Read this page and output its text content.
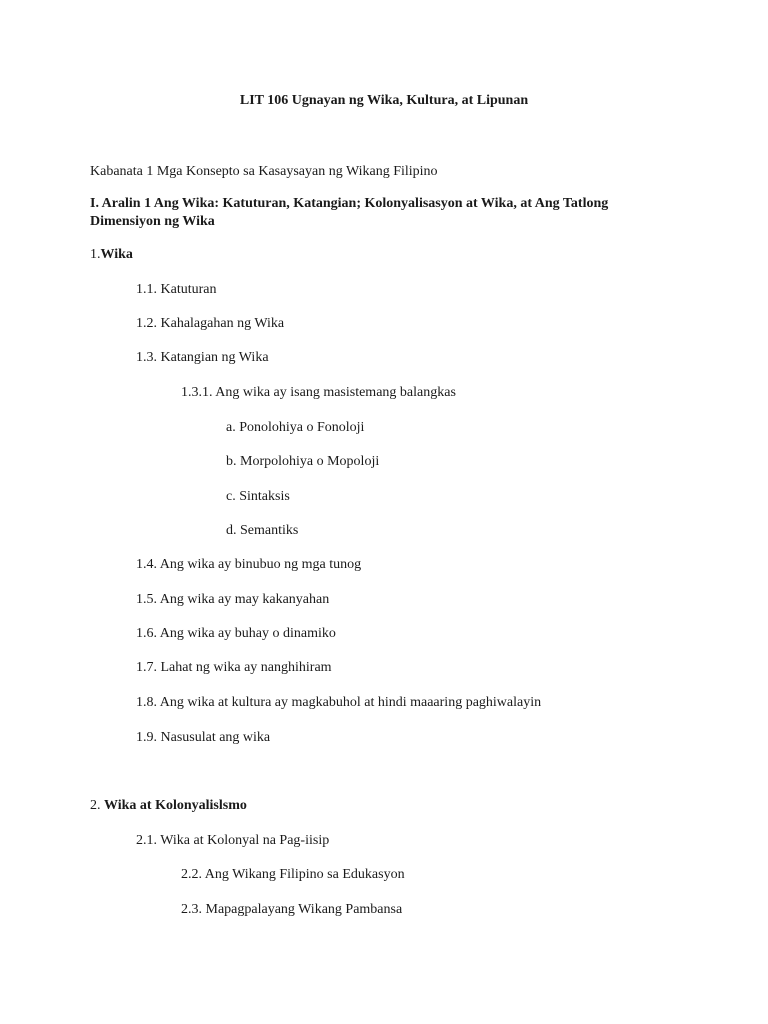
LIT 106 Ugnayan ng Wika, Kultura, at Lipunan
Kabanata 1 Mga Konsepto sa Kasaysayan ng Wikang Filipino
I. Aralin 1 Ang Wika: Katuturan, Katangian; Kolonyalisasyon at Wika, at Ang Tatlong
Dimensiyon ng Wika
1.Wika
1.1. Katuturan
1.2. Kahalagahan ng Wika
1.3. Katangian ng Wika
1.3.1. Ang wika ay isang masistemang balangkas
a. Ponolohiya o Fonoloji
b. Morpolohiya o Mopoloji
c. Sintaksis
d. Semantiks
1.4. Ang wika ay binubuo ng mga tunog
1.5. Ang wika ay may kakanyahan
1.6. Ang wika ay buhay o dinamiko
1.7. Lahat ng wika ay nanghihiram
1.8. Ang wika at kultura ay magkabuhol at hindi maaaring paghiwalayin
1.9. Nasusulat ang wika
2. Wika at Kolonyalislsmo
2.1. Wika at Kolonyal na Pag-iisip
2.2. Ang Wikang Filipino sa Edukasyon
2.3. Mapagpalayang Wikang Pambansa
